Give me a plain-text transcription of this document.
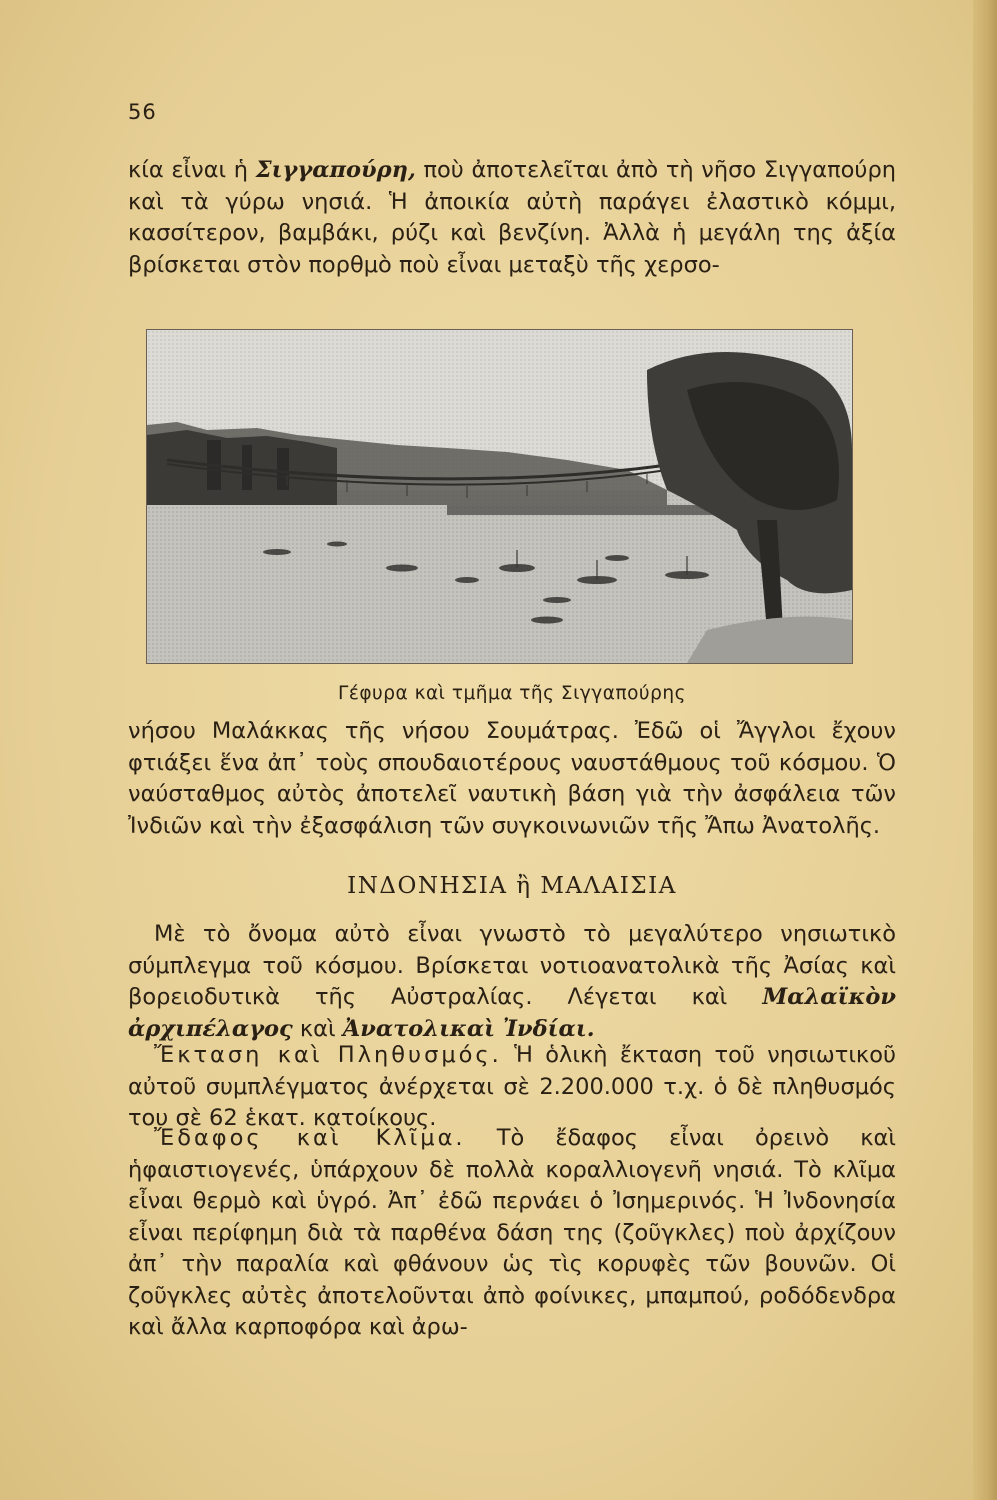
56

κία εἶναι ἡ Σιγγαπούρη, ποὺ ἀποτελεῖται ἀπὸ τὴ νῆσο Σιγγαπούρη καὶ τὰ γύρω νησιά. Ἡ ἀποικία αὐτὴ παράγει ἐλαστικὸ κόμμι, κασσίτερον, βαμβάκι, ρύζι καὶ βενζίνη. Ἀλλὰ ἡ μεγάλη της ἀξία βρίσκεται στὸν πορθμὸ ποὺ εἶναι μεταξὺ τῆς χερσο-

Γέφυρα καὶ τμῆμα τῆς Σιγγαπούρης

νήσου Μαλάκκας τῆς νήσου Σουμάτρας. Ἐδῶ οἱ Ἄγγλοι ἔχουν φτιάξει ἕνα ἀπ᾿ τοὺς σπουδαιοτέρους ναυστάθμους τοῦ κόσμου. Ὁ ναύσταθμος αὐτὸς ἀποτελεῖ ναυτικὴ βάση γιὰ τὴν ἀσφάλεια τῶν Ἰνδιῶν καὶ τὴν ἐξασφάλιση τῶν συγκοινωνιῶν τῆς Ἄπω Ἀνατολῆς.

ΙΝΔΟΝΗΣΙΑ ἢ ΜΑΛΑΙΣΙΑ

Μὲ τὸ ὄνομα αὐτὸ εἶναι γνωστὸ τὸ μεγαλύτερο νησιωτικὸ σύμπλεγμα τοῦ κόσμου. Βρίσκεται νοτιοανατολικὰ τῆς Ἀσίας καὶ βορειοδυτικὰ τῆς Αὐστραλίας. Λέγεται καὶ Μαλαϊκὸν ἀρχιπέλαγος καὶ Ἀνατολικαὶ Ἰνδίαι.

Ἔκταση καὶ Πληθυσμός. Ἡ ὁλικὴ ἔκταση τοῦ νησιωτικοῦ αὐτοῦ συμπλέγματος ἀνέρχεται σὲ 2.200.000 τ.χ. ὁ δὲ πληθυσμός του σὲ 62 ἑκατ. κατοίκους.

Ἔδαφος καὶ Κλῖμα. Τὸ ἔδαφος εἶναι ὀρεινὸ καὶ ἡφαιστιογενές, ὑπάρχουν δὲ πολλὰ κοραλλιογενῆ νησιά. Τὸ κλῖμα εἶναι θερμὸ καὶ ὑγρό. Ἀπ᾿ ἐδῶ περνάει ὁ Ἰσημερινός. Ἡ Ἰνδονησία εἶναι περίφημη διὰ τὰ παρθένα δάση της (ζοῦγκλες) ποὺ ἀρχίζουν ἀπ᾿ τὴν παραλία καὶ φθάνουν ὡς τὶς κορυφὲς τῶν βουνῶν. Οἱ ζοῦγκλες αὐτὲς ἀποτελοῦνται ἀπὸ φοίνικες, μπαμπού, ροδόδενδρα καὶ ἄλλα καρποφόρα καὶ ἀρω-
